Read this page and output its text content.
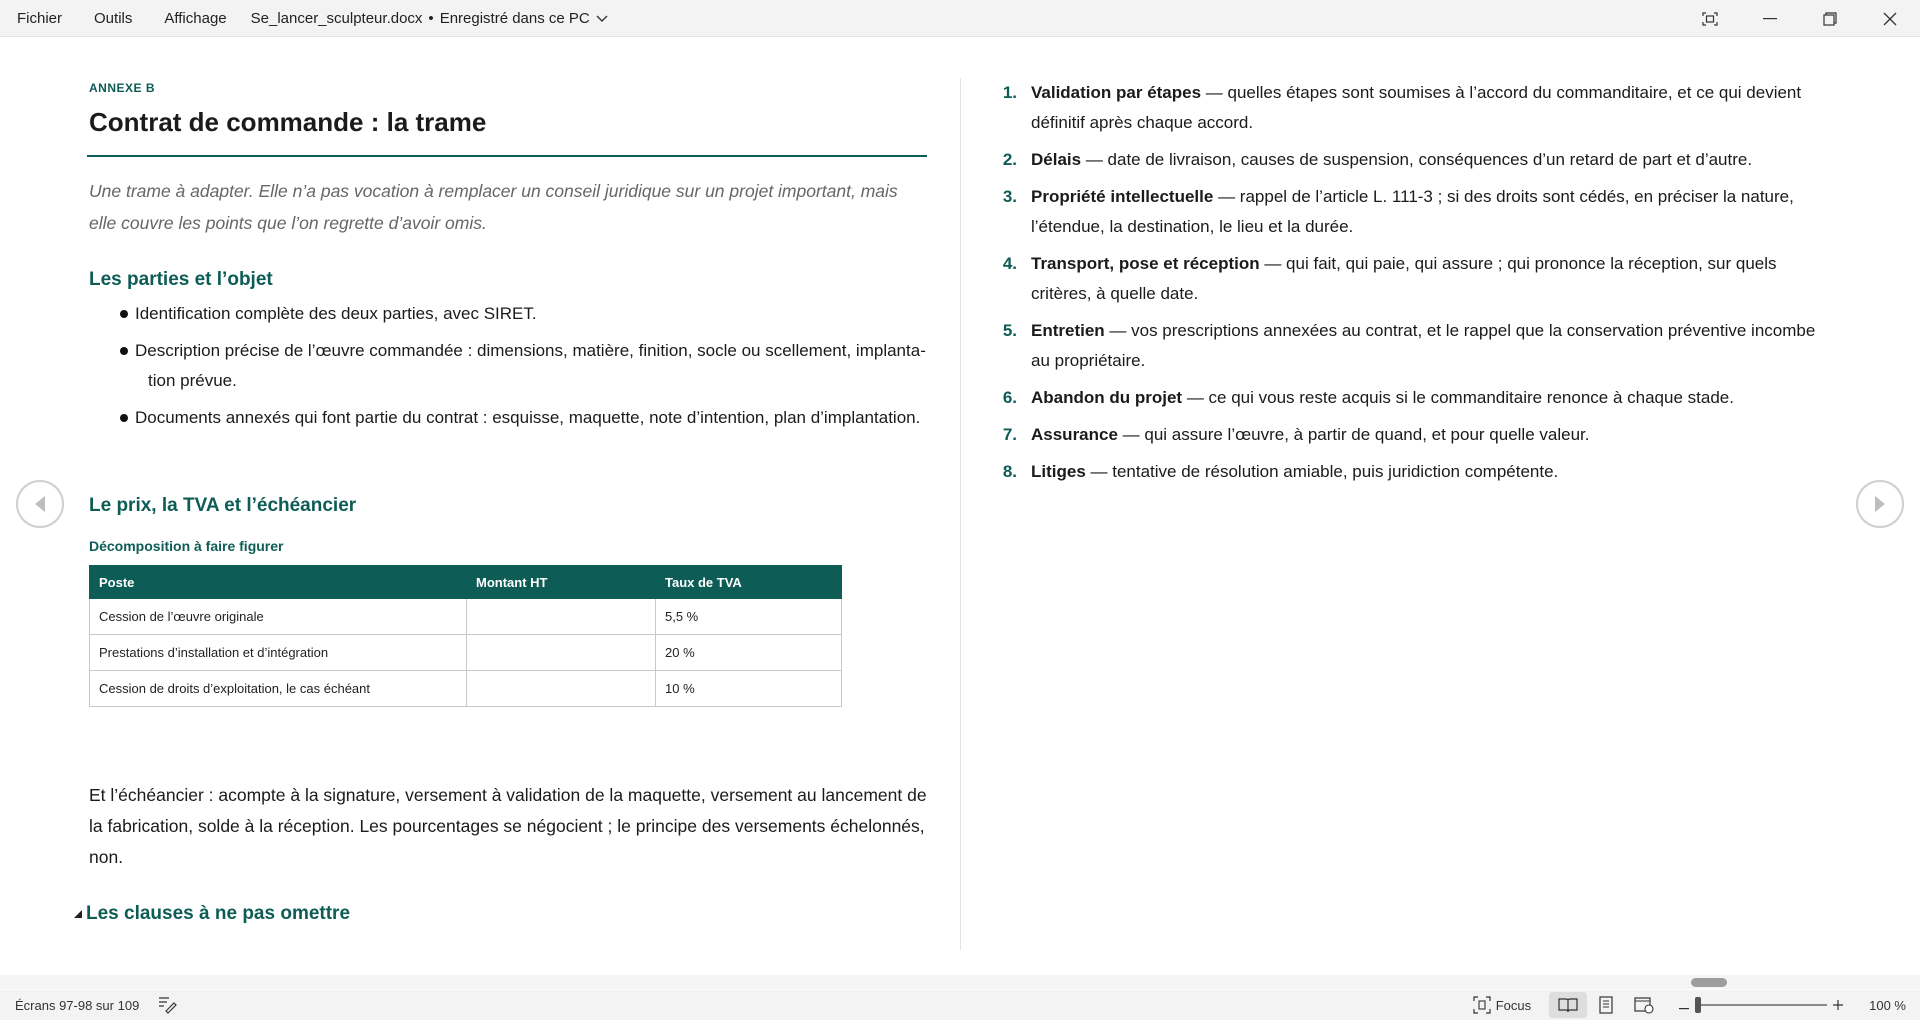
Fichier	Outils	Affichage	Se_lancer_sculpteur.docx • Enregistré dans ce PC
ANNEXE B
Contrat de commande : la trame

Une trame à adapter. Elle n’a pas vocation à remplacer un conseil juridique sur un projet important, mais elle couvre les points que l’on regrette d’avoir omis.

Les parties et l’objet
Identification complète des deux parties, avec SIRET.
Description précise de l’œuvre commandée : dimensions, matière, finition, socle ou scellement, implantation prévue.
Documents annexés qui font partie du contrat : esquisse, maquette, note d’intention, plan d’implantation.
Le prix, la TVA et l’échéancier
Décomposition à faire figurer
Poste	Montant HT	Taux de TVA
Cession de l’œuvre originale		5,5 %
Prestations d’installation et d’intégration		20 %
Cession de droits d’exploitation, le cas échéant		10 %

Et l’échéancier : acompte à la signature, versement à validation de la maquette, versement au lancement de la fabrication, solde à la réception. Les pourcentages se négocient ; le principe des versements échelonnés, non.

Les clauses à ne pas omettre
1. Validation par étapes — quelles étapes sont soumises à l’accord du commanditaire, et ce qui devient définitif après chaque accord.
2. Délais — date de livraison, causes de suspension, conséquences d’un retard de part et d’autre.
3. Propriété intellectuelle — rappel de l’article L. 111-3 ; si des droits sont cédés, en préciser la nature, l’étendue, la destination, le lieu et la durée.
4. Transport, pose et réception — qui fait, qui paie, qui assure ; qui prononce la réception, sur quels critères, à quelle date.
5. Entretien — vos prescriptions annexées au contrat, et le rappel que la conservation préventive incombe au propriétaire.
6. Abandon du projet — ce qui vous reste acquis si le commanditaire renonce à chaque stade.
7. Assurance — qui assure l’œuvre, à partir de quand, et pour quelle valeur.
8. Litiges — tentative de résolution amiable, puis juridiction compétente.
Écrans 97-98 sur 109	Focus	100 %
